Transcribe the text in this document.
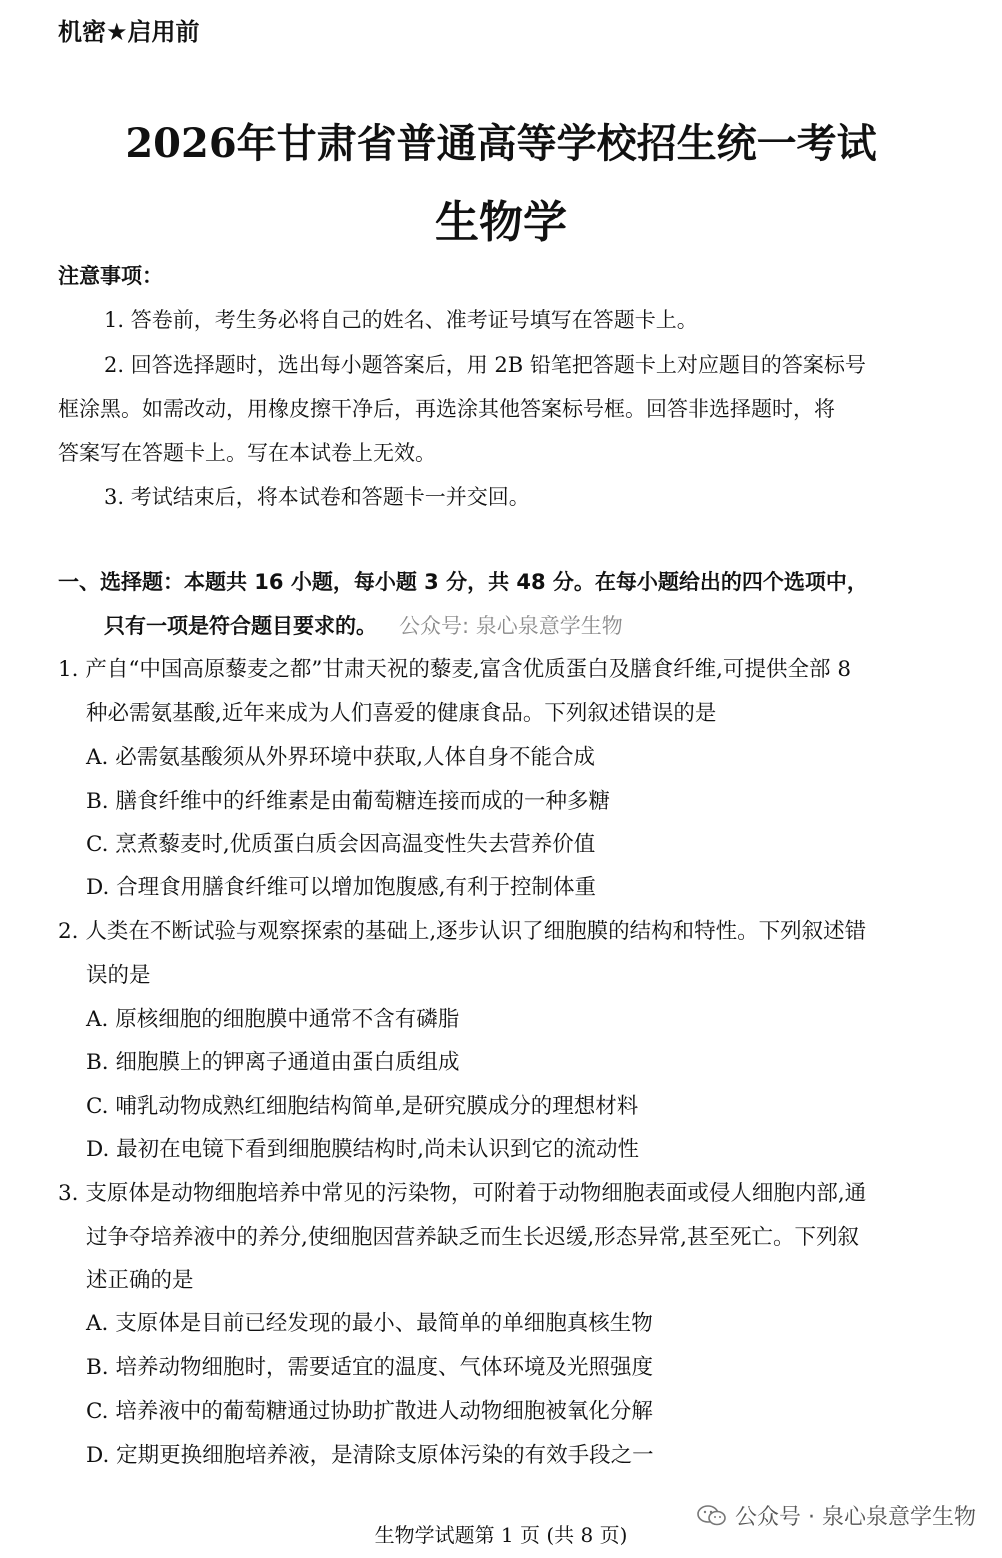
机密★启用前
2026年甘肃省普通高等学校招生统一考试
生物学
注意事项：
1. 答卷前，考生务必将自己的姓名、准考证号填写在答题卡上。
2. 回答选择题时，选出每小题答案后，用 2B 铅笔把答题卡上对应题目的答案标号
框涂黑。如需改动，用橡皮擦干净后，再选涂其他答案标号框。回答非选择题时，将
答案写在答题卡上。写在本试卷上无效。
3. 考试结束后，将本试卷和答题卡一并交回。
一、选择题：本题共 16 小题，每小题 3 分，共 48 分。在每小题给出的四个选项中，
只有一项是符合题目要求的。 公众号: 泉心泉意学生物
1. 产自“中国高原藜麦之都”甘肃天祝的藜麦,富含优质蛋白及膳食纤维,可提供全部 8
种必需氨基酸,近年来成为人们喜爱的健康食品。下列叙述错误的是
A. 必需氨基酸须从外界环境中获取,人体自身不能合成
B. 膳食纤维中的纤维素是由葡萄糖连接而成的一种多糖
C. 烹煮藜麦时,优质蛋白质会因高温变性失去营养价值
D. 合理食用膳食纤维可以增加饱腹感,有利于控制体重
2. 人类在不断试验与观察探索的基础上,逐步认识了细胞膜的结构和特性。下列叙述错
误的是
A. 原核细胞的细胞膜中通常不含有磷脂
B. 细胞膜上的钾离子通道由蛋白质组成
C. 哺乳动物成熟红细胞结构简单,是研究膜成分的理想材料
D. 最初在电镜下看到细胞膜结构时,尚未认识到它的流动性
3. 支原体是动物细胞培养中常见的污染物，可附着于动物细胞表面或侵人细胞内部,通
过争夺培养液中的养分,使细胞因营养缺乏而生长迟缓,形态异常,甚至死亡。下列叙
述正确的是
A. 支原体是目前已经发现的最小、最简单的单细胞真核生物
B. 培养动物细胞时，需要适宜的温度、气体环境及光照强度
C. 培养液中的葡萄糖通过协助扩散进人动物细胞被氧化分解
D. 定期更换细胞培养液，是清除支原体污染的有效手段之一
公众号 · 泉心泉意学生物
生物学试题第 1 页 (共 8 页)
